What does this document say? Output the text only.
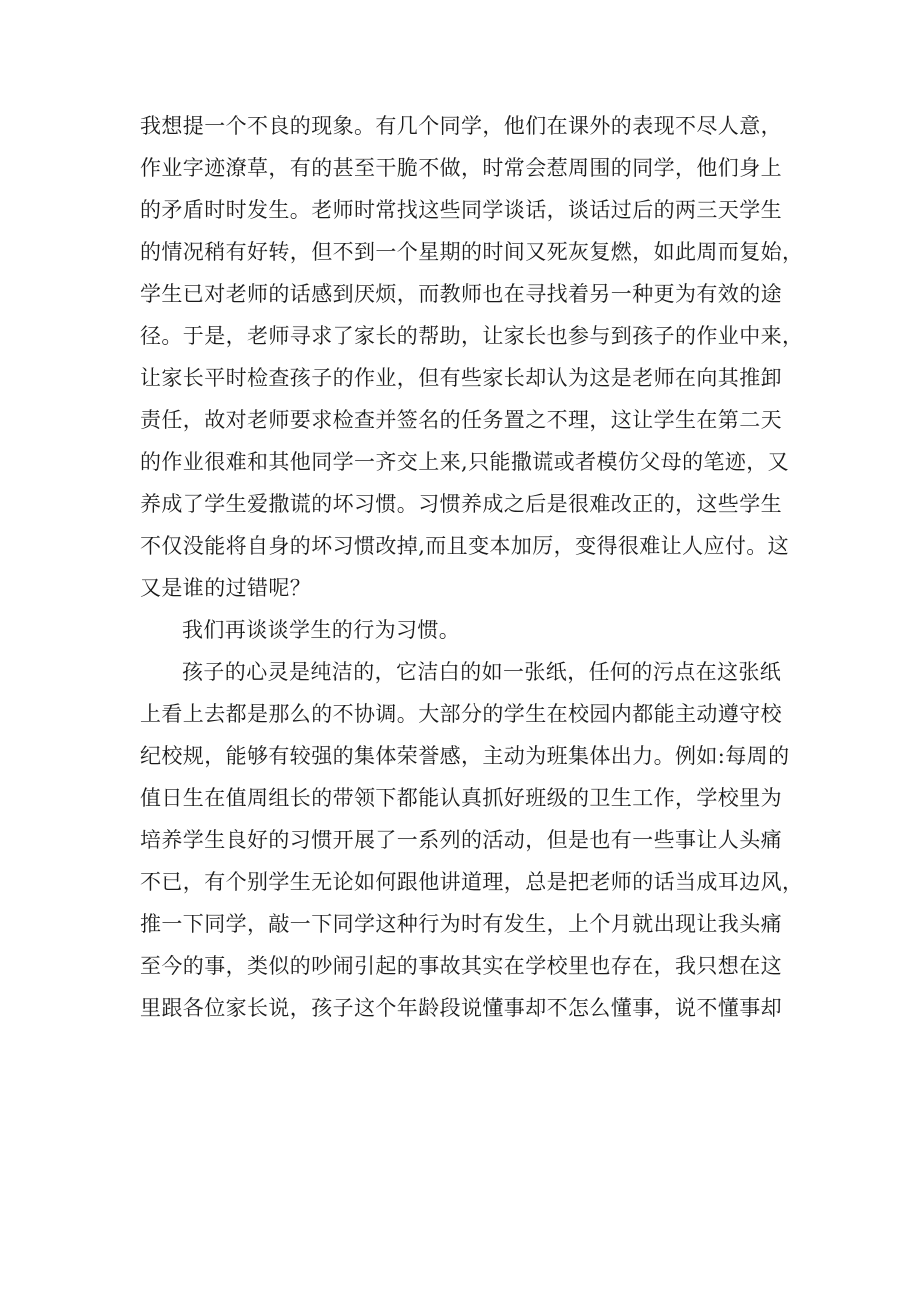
我想提一个不良的现象。有几个同学，他们在课外的表现不尽人意，
作业字迹潦草，有的甚至干脆不做，时常会惹周围的同学，他们身上
的矛盾时时发生。老师时常找这些同学谈话，谈话过后的两三天学生
的情况稍有好转，但不到一个星期的时间又死灰复燃，如此周而复始，
学生已对老师的话感到厌烦，而教师也在寻找着另一种更为有效的途
径。于是，老师寻求了家长的帮助，让家长也参与到孩子的作业中来，
让家长平时检查孩子的作业，但有些家长却认为这是老师在向其推卸
责任，故对老师要求检查并签名的任务置之不理，这让学生在第二天
的作业很难和其他同学一齐交上来,只能撒谎或者模仿父母的笔迹，又
养成了学生爱撒谎的坏习惯。习惯养成之后是很难改正的，这些学生
不仅没能将自身的坏习惯改掉,而且变本加厉，变得很难让人应付。这
又是谁的过错呢？
我们再谈谈学生的行为习惯。
孩子的心灵是纯洁的，它洁白的如一张纸，任何的污点在这张纸
上看上去都是那么的不协调。大部分的学生在校园内都能主动遵守校
纪校规，能够有较强的集体荣誉感，主动为班集体出力。例如:每周的
值日生在值周组长的带领下都能认真抓好班级的卫生工作，学校里为
培养学生良好的习惯开展了一系列的活动，但是也有一些事让人头痛
不已，有个别学生无论如何跟他讲道理，总是把老师的话当成耳边风，
推一下同学，敲一下同学这种行为时有发生，上个月就出现让我头痛
至今的事，类似的吵闹引起的事故其实在学校里也存在，我只想在这
里跟各位家长说，孩子这个年龄段说懂事却不怎么懂事，说不懂事却
